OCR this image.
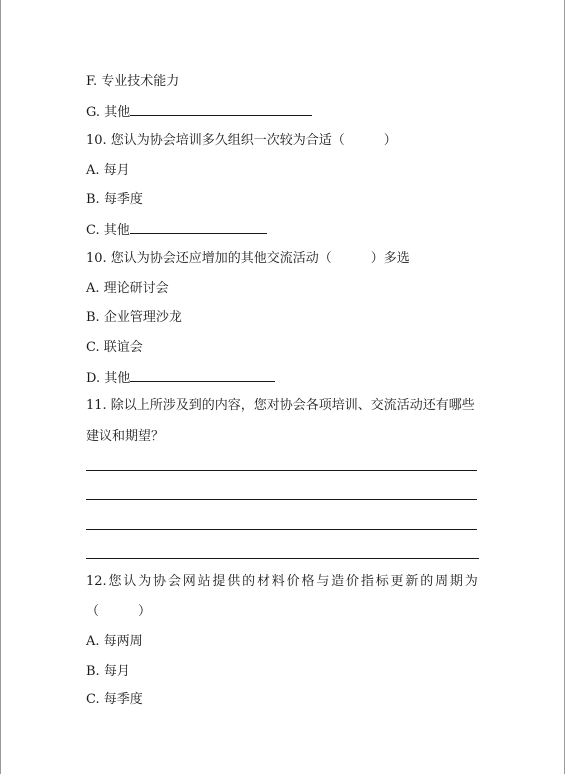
F. 专业技术能力
G. 其他
10. 您认为协会培训多久组织一次较为合适（　　　）
A. 每月
B. 每季度
C. 其他
10. 您认为协会还应增加的其他交流活动（　　　）多选
A. 理论研讨会
B. 企业管理沙龙
C. 联谊会
D. 其他
11. 除以上所涉及到的内容，您对协会各项培训、交流活动还有哪些
建议和期望？
12. 您 认 为 协 会 网 站 提 供 的 材 料 价 格 与 造 价 指 标 更 新 的 周 期 为
（　　　）
A. 每两周
B. 每月
C. 每季度
